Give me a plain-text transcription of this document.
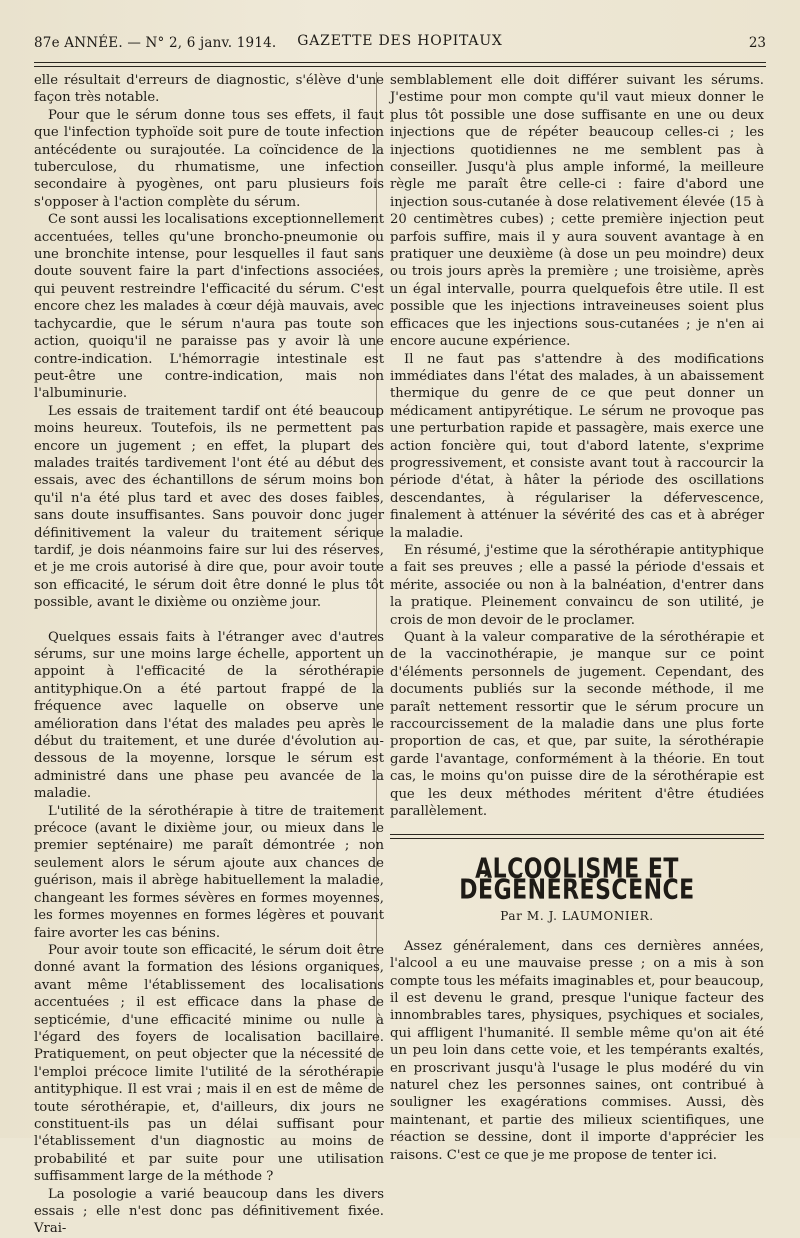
87e ANNÉE. — N° 2, 6 janv. 1914.	GAZETTE DES HOPITAUX	23

elle résultait d'erreurs de diagnostic, s'élève d'une façon très notable.

Pour que le sérum donne tous ses effets, il faut que l'infection typhoïde soit pure de toute infection antécédente ou surajoutée. La coïncidence de la tuberculose, du rhumatisme, une infection secondaire à pyogènes, ont paru plusieurs fois s'opposer à l'action complète du sérum.

Ce sont aussi les localisations exceptionnellement accentuées, telles qu'une broncho-pneumonie ou une bronchite intense, pour lesquelles il faut sans doute souvent faire la part d'infections associées, qui peuvent restreindre l'efficacité du sérum. C'est encore chez les malades à cœur déjà mauvais, avec tachycardie, que le sérum n'aura pas toute son action, quoiqu'il ne paraisse pas y avoir là une contre-indication. L'hémorragie intestinale est peut-être une contre-indication, mais non l'albuminurie.

Les essais de traitement tardif ont été beaucoup moins heureux. Toutefois, ils ne permettent pas encore un jugement ; en effet, la plupart des malades traités tardivement l'ont été au début des essais, avec des échantillons de sérum moins bon qu'il n'a été plus tard et avec des doses faibles, sans doute insuffisantes. Sans pouvoir donc juger définitivement la valeur du traitement sérique tardif, je dois néanmoins faire sur lui des réserves, et je me crois autorisé à dire que, pour avoir toute son efficacité, le sérum doit être donné le plus tôt possible, avant le dixième ou onzième jour.

Quelques essais faits à l'étranger avec d'autres sérums, sur une moins large échelle, apportent un appoint à l'efficacité de la sérothérapie antityphique.On a été partout frappé de la fréquence avec laquelle on observe une amélioration dans l'état des malades peu après le début du traitement, et une durée d'évolution au-dessous de la moyenne, lorsque le sérum est administré dans une phase peu avancée de la maladie.

L'utilité de la sérothérapie à titre de traitement précoce (avant le dixième jour, ou mieux dans le premier septénaire) me paraît démontrée ; non seulement alors le sérum ajoute aux chances de guérison, mais il abrège habituellement la maladie, changeant les formes sévères en formes moyennes, les formes moyennes en formes légères et pouvant faire avorter les cas bénins.

Pour avoir toute son efficacité, le sérum doit être donné avant la formation des lésions organiques, avant même l'établissement des localisations accentuées ; il est efficace dans la phase de septicémie, d'une efficacité minime ou nulle à l'égard des foyers de localisation bacillaire. Pratiquement, on peut objecter que la nécessité de l'emploi précoce limite l'utilité de la sérothérapie antityphique. Il est vrai ; mais il en est de même de toute sérothérapie, et, d'ailleurs, dix jours ne constituent-ils pas un délai suffisant pour l'établissement d'un diagnostic au moins de probabilité et par suite pour une utilisation suffisamment large de la méthode ?

La posologie a varié beaucoup dans les divers essais ; elle n'est donc pas définitivement fixée. Vrai-

semblablement elle doit différer suivant les sérums. J'estime pour mon compte qu'il vaut mieux donner le plus tôt possible une dose suffisante en une ou deux injections que de répéter beaucoup celles-ci ; les injections quotidiennes ne me semblent pas à conseiller. Jusqu'à plus ample informé, la meilleure règle me paraît être celle-ci : faire d'abord une injection sous-cutanée à dose relativement élevée (15 à 20 centimètres cubes) ; cette première injection peut parfois suffire, mais il y aura souvent avantage à en pratiquer une deuxième (à dose un peu moindre) deux ou trois jours après la première ; une troisième, après un égal intervalle, pourra quelquefois être utile. Il est possible que les injections intraveineuses soient plus efficaces que les injections sous-cutanées ; je n'en ai encore aucune expérience.

Il ne faut pas s'attendre à des modifications immédiates dans l'état des malades, à un abaissement thermique du genre de ce que peut donner un médicament antipyrétique. Le sérum ne provoque pas une perturbation rapide et passagère, mais exerce une action foncière qui, tout d'abord latente, s'exprime progressivement, et consiste avant tout à raccourcir la période d'état, à hâter la période des oscillations descendantes, à régulariser la défervescence, finalement à atténuer la sévérité des cas et à abréger la maladie.

En résumé, j'estime que la sérothérapie antityphique a fait ses preuves ; elle a passé la période d'essais et mérite, associée ou non à la balnéation, d'entrer dans la pratique. Pleinement convaincu de son utilité, je crois de mon devoir de le proclamer.

Quant à la valeur comparative de la sérothérapie et de la vaccinothérapie, je manque sur ce point d'éléments personnels de jugement. Cependant, des documents publiés sur la seconde méthode, il me paraît nettement ressortir que le sérum procure un raccourcissement de la maladie dans une plus forte proportion de cas, et que, par suite, la sérothérapie garde l'avantage, conformément à la théorie. En tout cas, le moins qu'on puisse dire de la sérothérapie est que les deux méthodes méritent d'être étudiées parallèlement.

ALCOOLISME ET DÉGÉNÉRESCENCE
Par M. J. LAUMONIER.

Assez généralement, dans ces dernières années, l'alcool a eu une mauvaise presse ; on a mis à son compte tous les méfaits imaginables et, pour beaucoup, il est devenu le grand, presque l'unique facteur des innombrables tares, physiques, psychiques et sociales, qui affligent l'humanité. Il semble même qu'on ait été un peu loin dans cette voie, et les tempérants exaltés, en proscrivant jusqu'à l'usage le plus modéré du vin naturel chez les personnes saines, ont contribué à souligner les exagérations commises. Aussi, dès maintenant, et partie des milieux scientifiques, une réaction se dessine, dont il importe d'apprécier les raisons. C'est ce que je me propose de tenter ici.
